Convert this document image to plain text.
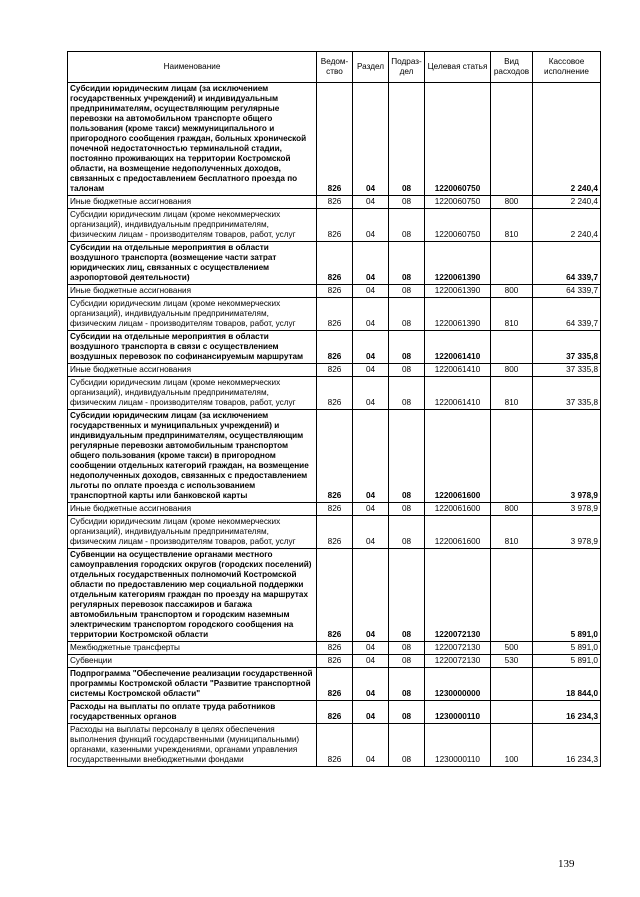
Наименование	Ведом-ство	Раздел	Подраз-дел	Целевая статья	Вид расходов	Кассовое исполнение
Субсидии юридическим лицам (за исключением государственных учреждений) и индивидуальным предпринимателям, осуществляющим регулярные перевозки на автомобильном транспорте общего пользования (кроме такси) межмуниципального и пригородного сообщения граждан, больных хронической почечной недостаточностью терминальной стадии, постоянно проживающих на территории Костромской области, на возмещение недополученных доходов, связанных с предоставлением бесплатного проезда по талонам	826	04	08	1220060750		2 240,4
Иные бюджетные ассигнования	826	04	08	1220060750	800	2 240,4
Субсидии юридическим лицам (кроме некоммерческих организаций), индивидуальным предпринимателям, физическим лицам - производителям товаров, работ, услуг	826	04	08	1220060750	810	2 240,4
Субсидии на отдельные мероприятия в области воздушного транспорта (возмещение части затрат юридических лиц, связанных с осуществлением аэропортовой деятельности)	826	04	08	1220061390		64 339,7
Иные бюджетные ассигнования	826	04	08	1220061390	800	64 339,7
Субсидии юридическим лицам (кроме некоммерческих организаций), индивидуальным предпринимателям, физическим лицам - производителям товаров, работ, услуг	826	04	08	1220061390	810	64 339,7
Субсидии на отдельные мероприятия в области воздушного транспорта в связи с осуществлением воздушных перевозок по софинансируемым маршрутам	826	04	08	1220061410		37 335,8
Иные бюджетные ассигнования	826	04	08	1220061410	800	37 335,8
Субсидии юридическим лицам (кроме некоммерческих организаций), индивидуальным предпринимателям, физическим лицам - производителям товаров, работ, услуг	826	04	08	1220061410	810	37 335,8
Субсидии юридическим лицам (за исключением государственных и муниципальных учреждений) и индивидуальным предпринимателям, осуществляющим регулярные перевозки автомобильным транспортом общего пользования (кроме такси) в пригородном сообщении отдельных категорий граждан, на возмещение недополученных доходов, связанных с предоставлением льготы по оплате проезда с использованием транспортной карты или банковской карты	826	04	08	1220061600		3 978,9
Иные бюджетные ассигнования	826	04	08	1220061600	800	3 978,9
Субсидии юридическим лицам (кроме некоммерческих организаций), индивидуальным предпринимателям, физическим лицам - производителям товаров, работ, услуг	826	04	08	1220061600	810	3 978,9
Субвенции на осуществление органами местного самоуправления городских округов (городских поселений) отдельных государственных полномочий Костромской области по предоставлению мер социальной поддержки отдельным категориям граждан по проезду на маршрутах регулярных перевозок пассажиров и багажа автомобильным транспортом и городским наземным электрическим транспортом городского сообщения на территории Костромской области	826	04	08	1220072130		5 891,0
Межбюджетные трансферты	826	04	08	1220072130	500	5 891,0
Субвенции	826	04	08	1220072130	530	5 891,0
Подпрограмма "Обеспечение реализации государственной программы Костромской области "Развитие транспортной системы Костромской области"	826	04	08	1230000000		18 844,0
Расходы на выплаты по оплате труда работников государственных органов	826	04	08	1230000110		16 234,3
Расходы на выплаты персоналу в целях обеспечения выполнения функций государственными (муниципальными) органами, казенными учреждениями, органами управления государственными внебюджетными фондами	826	04	08	1230000110	100	16 234,3
139
